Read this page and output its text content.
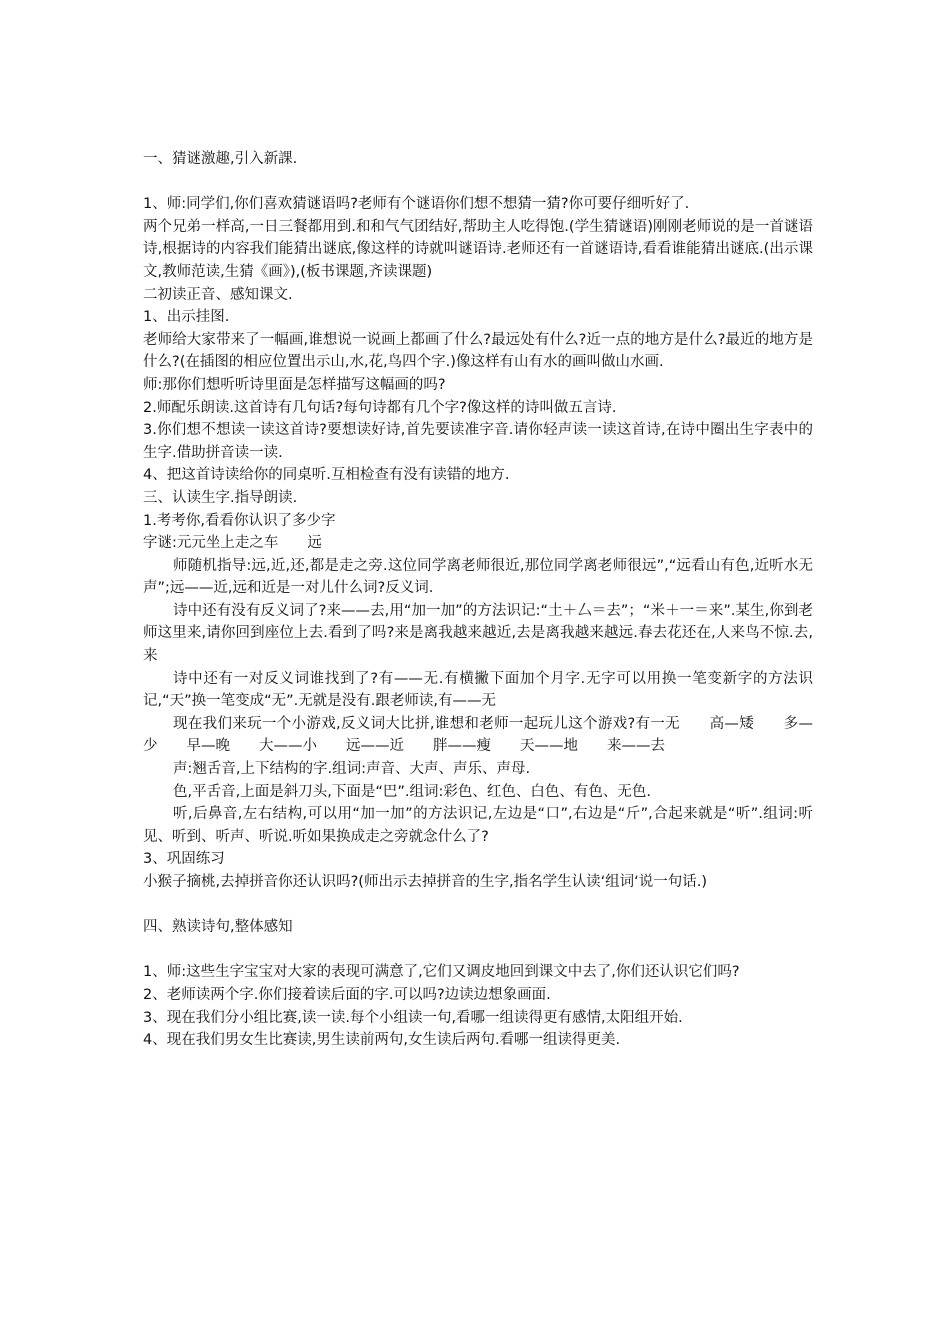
一、猜谜激趣,引入新課.

1、师:同学们,你们喜欢猜谜语吗?老师有个谜语你们想不想猜一猜?你可要仔细听好了.

两个兄弟一样高,一日三餐都用到.和和气气团结好,帮助主人吃得饱.(学生猜谜语)刚刚老师说的是一首谜语诗,根据诗的内容我们能猜出谜底,像这样的诗就叫谜语诗.老师还有一首谜语诗,看看谁能猜出谜底.(出示课文,教师范读,生猜《画》),(板书课题,齐读课题)

二初读正音、感知课文.

1、出示挂图.

老师给大家带来了一幅画,谁想说一说画上都画了什么?最远处有什么?近一点的地方是什么?最近的地方是什么?(在插图的相应位置出示山,水,花,鸟四个字.)像这样有山有水的画叫做山水画.

师:那你们想听听诗里面是怎样描写这幅画的吗?

2.师配乐朗读.这首诗有几句话?每句诗都有几个字?像这样的诗叫做五言诗.

3.你们想不想读一读这首诗?要想读好诗,首先要读准字音.请你轻声读一读这首诗,在诗中圈出生字表中的生字.借助拼音读一读.

4、把这首诗读给你的同桌听.互相检查有没有读错的地方.

三、认读生字.指导朗读.

1.考考你,看看你认识了多少字

字谜:元元坐上走之车　　远

师随机指导:远,近,还,都是走之旁.这位同学离老师很近,那位同学离老师很远”,“远看山有色,近听水无声”;远——近,远和近是一对儿什么词?反义词.

诗中还有没有反义词了?来——去,用“加一加”的方法识记:“土＋厶＝去”；“米＋一＝来”.某生,你到老师这里来,请你回到座位上去.看到了吗?来是离我越来越近,去是离我越来越远.春去花还在,人来鸟不惊.去,来

诗中还有一对反义词谁找到了?有——无.有横撇下面加个月字.无字可以用换一笔变新字的方法识记,“天”换一笔变成“无”.无就是没有.跟老师读,有——无

现在我们来玩一个小游戏,反义词大比拼,谁想和老师一起玩儿这个游戏?有一无　　高—矮　　多—少　　早—晚　　大——小　　远——近　　胖——瘦　　天——地　　来——去

声:翘舌音,上下结构的字.组词:声音、大声、声乐、声母.

色,平舌音,上面是斜刀头,下面是“巴”.组词:彩色、红色、白色、有色、无色.

听,后鼻音,左右结构,可以用“加一加”的方法识记,左边是“口”,右边是“斤”,合起来就是“听”.组词:听见、听到、听声、听说.听如果换成走之旁就念什么了?

3、巩固练习

小猴子摘桃,去掉拼音你还认识吗?(师出示去掉拼音的生字,指名学生认读‘组词‘说一句话.)

四、熟读诗句,整体感知

1、师:这些生字宝宝对大家的表现可满意了,它们又调皮地回到课文中去了,你们还认识它们吗?

2、老师读两个字.你们接着读后面的字.可以吗?边读边想象画面.

3、现在我们分小组比赛,读一读.每个小组读一句,看哪一组读得更有感情,太阳组开始.

4、现在我们男女生比赛读,男生读前两句,女生读后两句.看哪一组读得更美.
